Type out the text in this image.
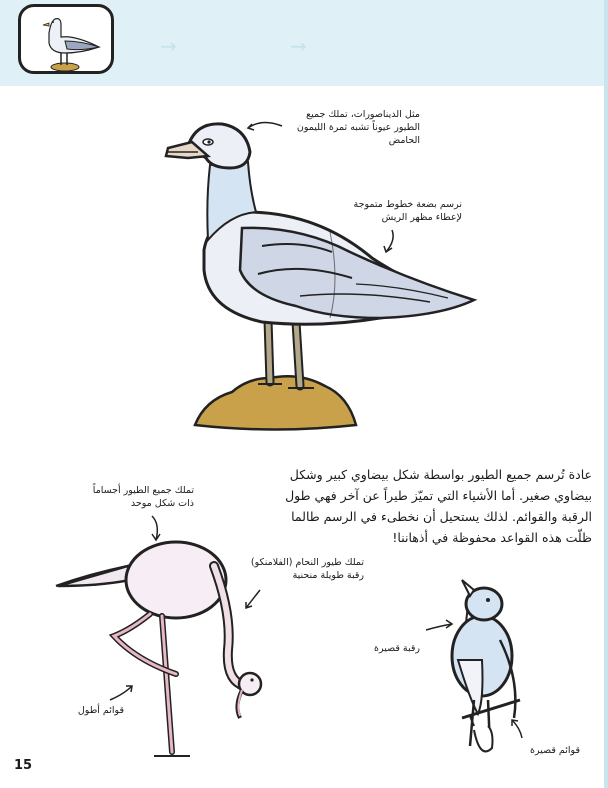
→	→
مثل الديناصورات، تملك جميع
الطيور عيوناً تشبه ثمرة الليمون
الحامض
نرسم بضعة خطوط متموجة
لإعطاء مظهر الريش
تملك جميع الطيور أجساماً
ذات شكل موحد
تملك طيور النحام (الفلامنكو)
رقبة طويلة منحنية
رقبة قصيرة
قوائم أطول
قوائم قصيرة
عادة تُرسم جميع الطيور بواسطة شكل بيضاوي كبير وشكل
بيضاوي صغير. أما الأشياء التي تميّز طيراً عن آخر فهي طول
الرقبة والقوائم. لذلك يستحيل أن نخطىء في الرسم طالما
ظلّت هذه القواعد محفوظة في أذهاننا!
15
